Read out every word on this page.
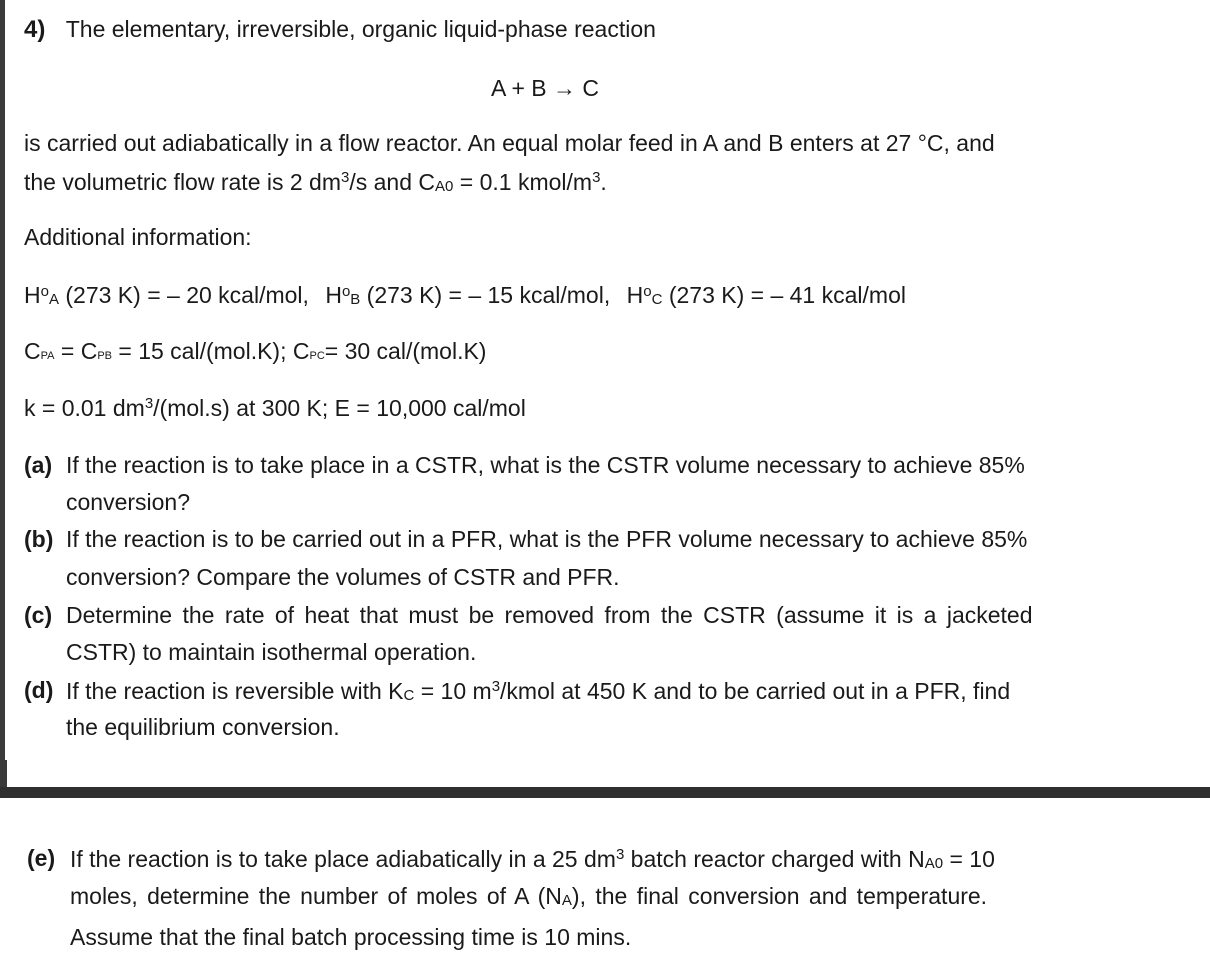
4) The elementary, irreversible, organic liquid-phase reaction
A + B → C
is carried out adiabatically in a flow reactor. An equal molar feed in A and B enters at 27 °C, and
the volumetric flow rate is 2 $dm^3/s$ and $C_{A0} = 0.1$ kmol/$m^3$.
Additional information:
$H^o_A$ (273 K) = – 20 kcal/mol, $H^o_B$ (273 K) = – 15 kcal/mol, $H^o_C$ (273 K) = – 41 kcal/mol
CPA = CPB = 15 cal/(mol.K); CPC= 30 cal/(mol.K)
k = 0.01 $dm^3/(mol.s)$ at 300 K; E = 10,000 cal/mol
(a) If the reaction is to take place in a CSTR, what is the CSTR volume necessary to achieve 85%
conversion?
(b) If the reaction is to be carried out in a PFR, what is the PFR volume necessary to achieve 85%
conversion? Compare the volumes of CSTR and PFR.
(c) Determine the rate of heat that must be removed from the CSTR (assume it is a jacketed
CSTR) to maintain isothermal operation.
(d) If the reaction is reversible with $K_C = 10$ $m^3$/kmol at 450 K and to be carried out in a PFR, find
the equilibrium conversion.
(e) If the reaction is to take place adiabatically in a 25 $dm^3$ batch reactor charged with $N_{A0} = 10$
moles, determine the number of moles of A $(N_A)$, the final conversion and temperature.
Assume that the final batch processing time is 10 mins.
